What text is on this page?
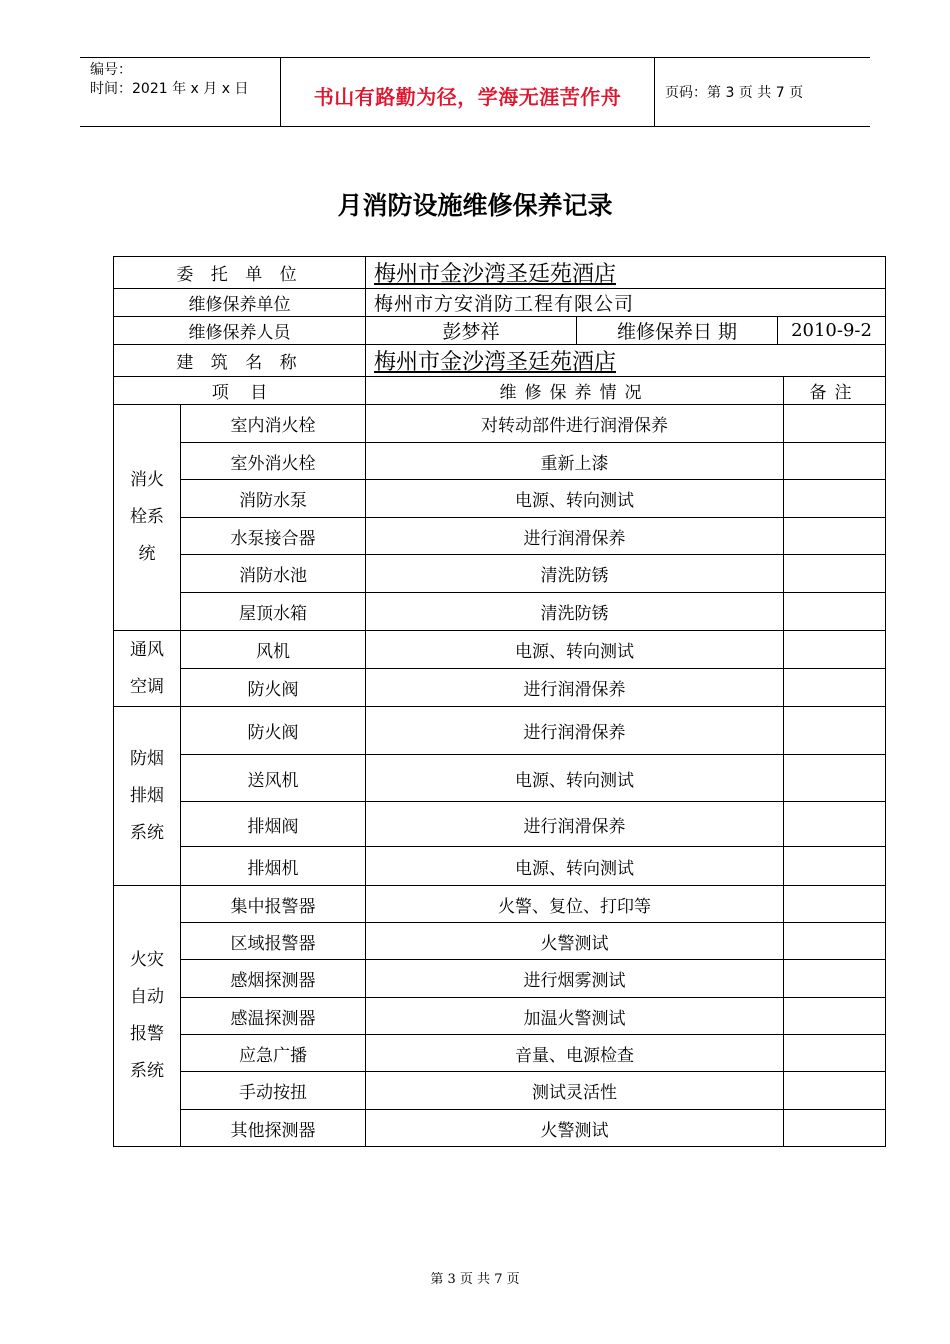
编号：
时间：2021 年 x 月 x 日	书山有路勤为径，学海无涯苦作舟	页码：第 3 页 共 7 页
月消防设施维修保养记录
委 托 单 位		梅州市金沙湾圣廷苑酒店	
维修保养单位		梅州市方安消防工程有限公司	
维修保养人员		彭梦祥 维修保养日 期 2010-9-2	

建 筑 名 称		梅州市金沙湾圣廷苑酒店	
项    目		维修保养情况	备注
消火栓系统	室内消火栓	对转动部件进行润滑保养	
	室外消火栓	重新上漆	
	消防水泵	电源、转向测试	
	水泵接合器	进行润滑保养	
	消防水池	清洗防锈	
	屋顶水箱	清洗防锈	
通风空调	风机	电源、转向测试	
	防火阀	进行润滑保养	
防烟排烟系统	防火阀	进行润滑保养	
	送风机	电源、转向测试	
	排烟阀	进行润滑保养	
	排烟机	电源、转向测试	
火灾自动报警系统	集中报警器	火警、复位、打印等	
	区域报警器	火警测试	
	感烟探测器	进行烟雾测试	
	感温探测器	加温火警测试	
	应急广播	音量、电源检查	
	手动按扭	测试灵活性	
	其他探测器	火警测试	
第 3 页 共 7 页
